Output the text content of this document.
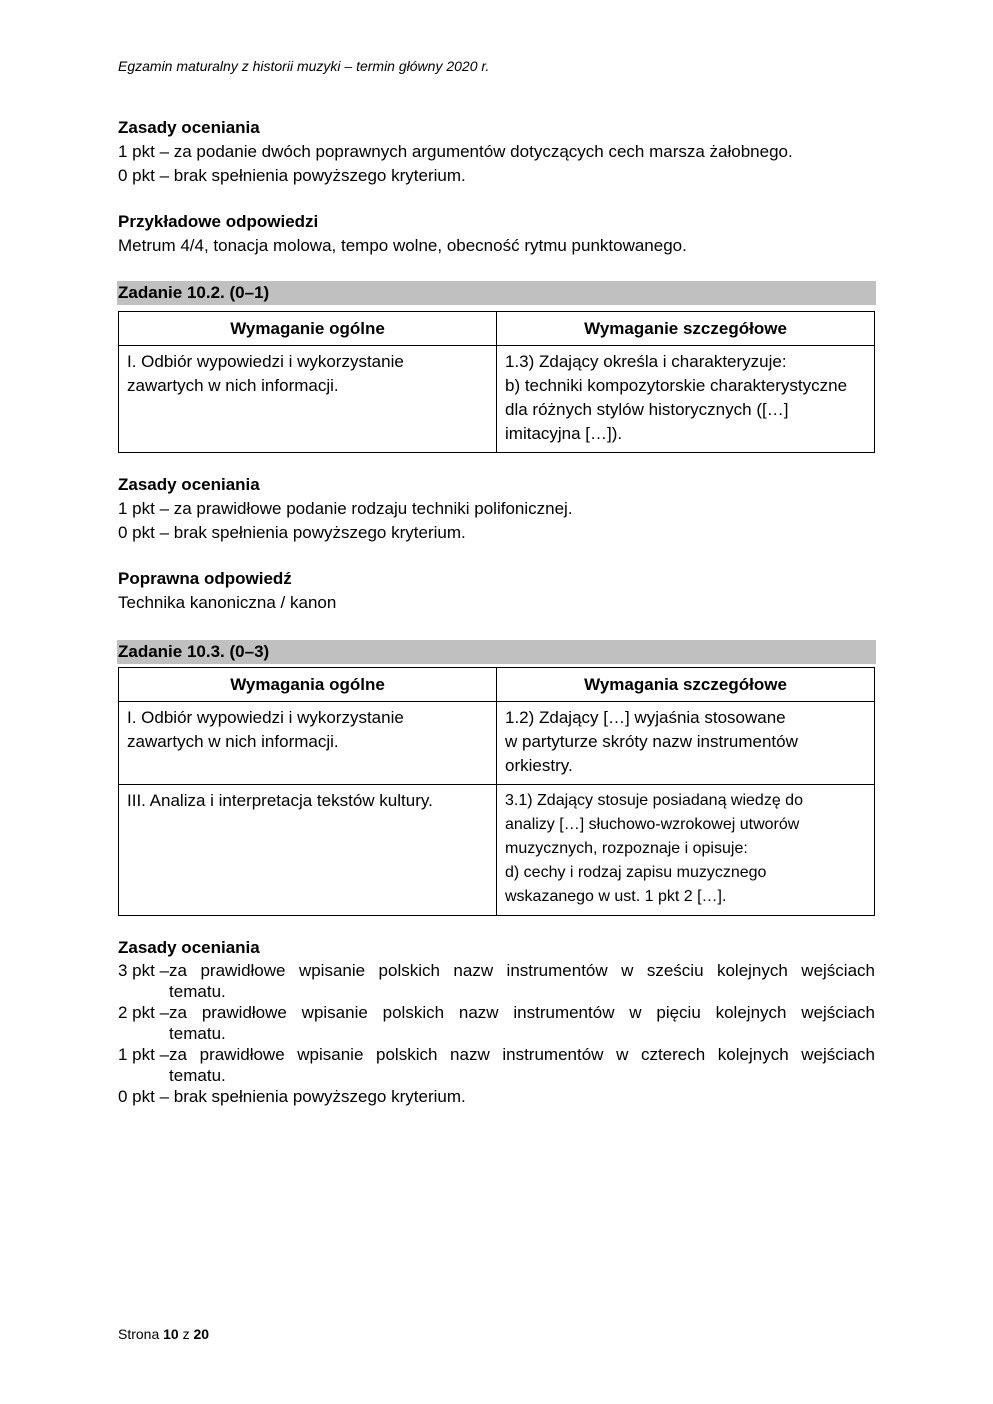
Egzamin maturalny z historii muzyki – termin główny 2020 r.
Zasady oceniania
1 pkt – za podanie dwóch poprawnych argumentów dotyczących cech marsza żałobnego.
0 pkt – brak spełnienia powyższego kryterium.
Przykładowe odpowiedzi
Metrum 4/4, tonacja molowa, tempo wolne, obecność rytmu punktowanego.
Zadanie 10.2. (0–1)
Wymaganie ogólne	Wymaganie szczegółowe

I. Odbiór wypowiedzi i wykorzystanie
zawartych w nich informacji.	1.3) Zdający określa i charakteryzuje:
b) techniki kompozytorskie charakterystyczne
dla różnych stylów historycznych ([…]
imitacyjna […]).
Zasady oceniania
1 pkt – za prawidłowe podanie rodzaju techniki polifonicznej.
0 pkt – brak spełnienia powyższego kryterium.
Poprawna odpowiedź
Technika kanoniczna / kanon
Zadanie 10.3. (0–3)
Wymagania ogólne	Wymagania szczegółowe

I. Odbiór wypowiedzi i wykorzystanie
zawartych w nich informacji.	1.2) Zdający […] wyjaśnia stosowane
w partyturze skróty nazw instrumentów
orkiestry.

III. Analiza i interpretacja tekstów kultury.	3.1) Zdający stosuje posiadaną wiedzę do
analizy […] słuchowo-wzrokowej utworów
muzycznych, rozpoznaje i opisuje:
d) cechy i rodzaj zapisu muzycznego
wskazanego w ust. 1 pkt 2 […].
Zasady oceniania
3 pkt – za prawidłowe wpisanie polskich nazw instrumentów w sześciu kolejnych wejściach
tematu.
2 pkt – za prawidłowe wpisanie polskich nazw instrumentów w pięciu kolejnych wejściach
tematu.
1 pkt – za prawidłowe wpisanie polskich nazw instrumentów w czterech kolejnych wejściach
tematu.
0 pkt – brak spełnienia powyższego kryterium.
Strona 10 z 20
